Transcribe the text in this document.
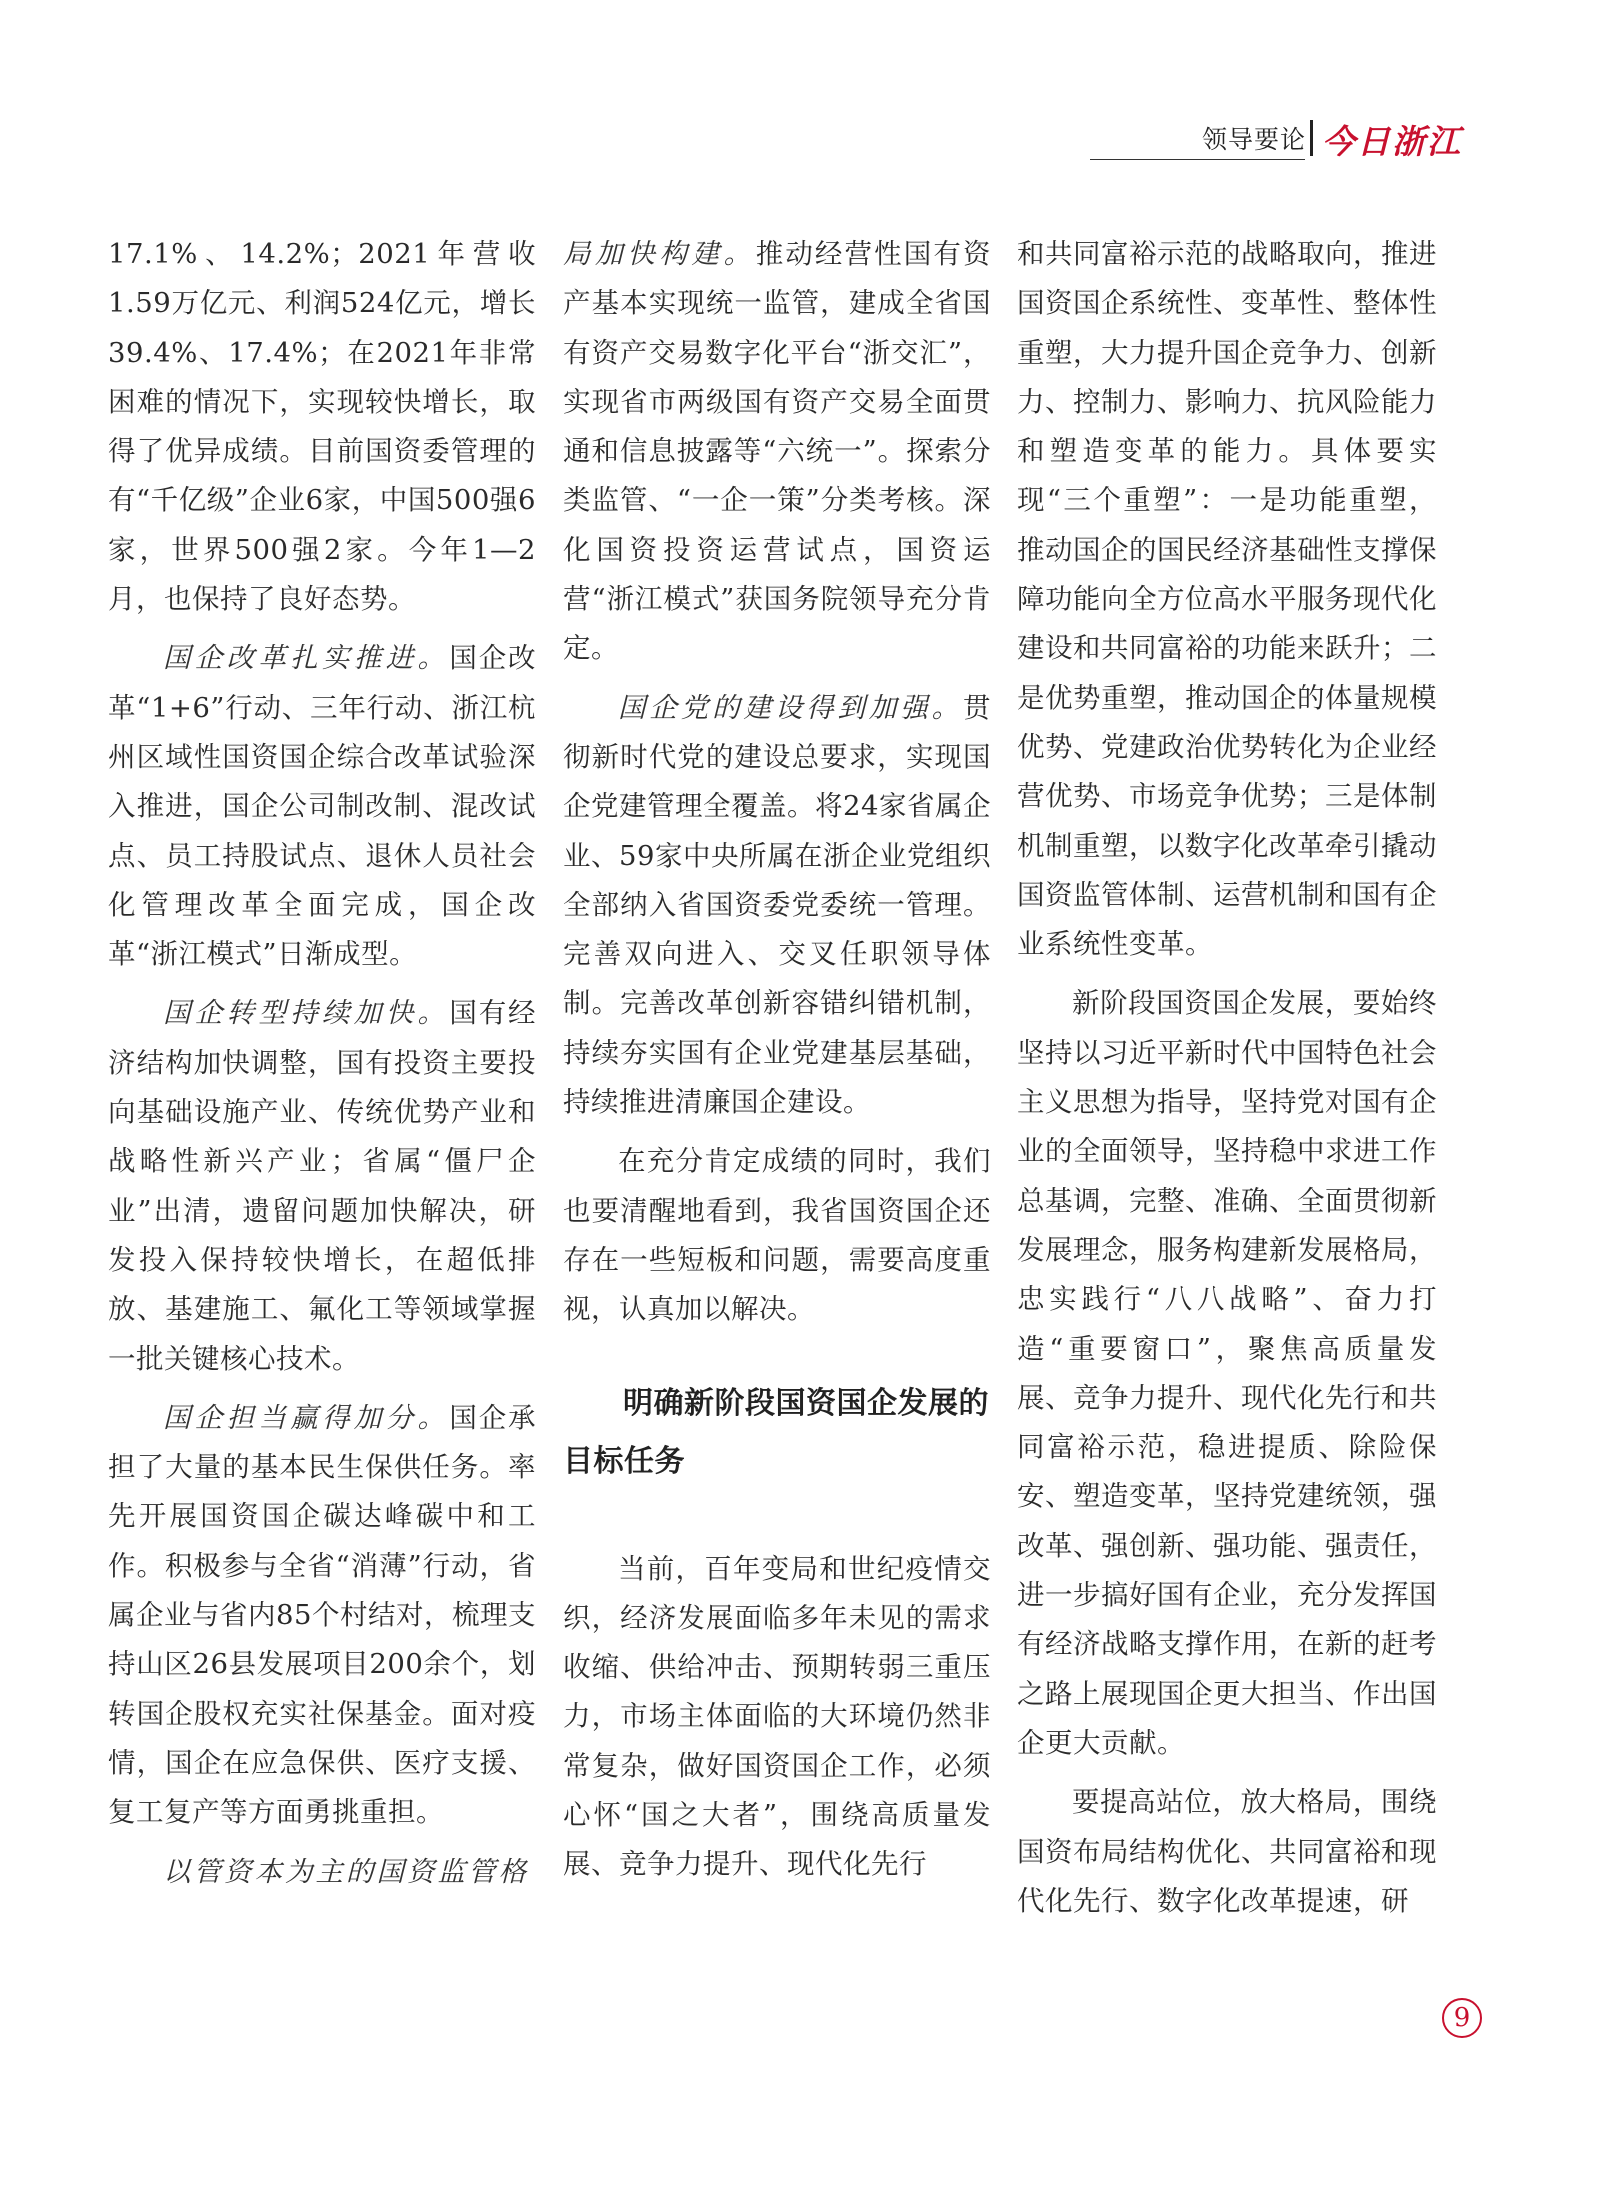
领导要论 今日浙江

17.1%、14.2%；2021年营收1.59万亿元、利润524亿元，增长39.4%、17.4%；在2021年非常困难的情况下，实现较快增长，取得了优异成绩。目前国资委管理的有“千亿级”企业6家，中国500强6家，世界500强2家。今年1—2月，也保持了良好态势。

国企改革扎实推进。国企改革“1+6”行动、三年行动、浙江杭州区域性国资国企综合改革试验深入推进，国企公司制改制、混改试点、员工持股试点、退休人员社会化管理改革全面完成，国企改革“浙江模式”日渐成型。

国企转型持续加快。国有经济结构加快调整，国有投资主要投向基础设施产业、传统优势产业和战略性新兴产业；省属“僵尸企业”出清，遗留问题加快解决，研发投入保持较快增长，在超低排放、基建施工、氟化工等领域掌握一批关键核心技术。

国企担当赢得加分。国企承担了大量的基本民生保供任务。率先开展国资国企碳达峰碳中和工作。积极参与全省“消薄”行动，省属企业与省内85个村结对，梳理支持山区26县发展项目200余个，划转国企股权充实社保基金。面对疫情，国企在应急保供、医疗支援、复工复产等方面勇挑重担。

以管资本为主的国资监管格

局加快构建。推动经营性国有资产基本实现统一监管，建成全省国有资产交易数字化平台“浙交汇”，实现省市两级国有资产交易全面贯通和信息披露等“六统一”。探索分类监管、“一企一策”分类考核。深化国资投资运营试点，国资运营“浙江模式”获国务院领导充分肯定。

国企党的建设得到加强。贯彻新时代党的建设总要求，实现国企党建管理全覆盖。将24家省属企业、59家中央所属在浙企业党组织全部纳入省国资委党委统一管理。完善双向进入、交叉任职领导体制。完善改革创新容错纠错机制，持续夯实国有企业党建基层基础，持续推进清廉国企建设。

在充分肯定成绩的同时，我们也要清醒地看到，我省国资国企还存在一些短板和问题，需要高度重视，认真加以解决。

明确新阶段国资国企发展的目标任务

当前，百年变局和世纪疫情交织，经济发展面临多年未见的需求收缩、供给冲击、预期转弱三重压力，市场主体面临的大环境仍然非常复杂，做好国资国企工作，必须心怀“国之大者”，围绕高质量发展、竞争力提升、现代化先行

和共同富裕示范的战略取向，推进国资国企系统性、变革性、整体性重塑，大力提升国企竞争力、创新力、控制力、影响力、抗风险能力和塑造变革的能力。具体要实现“三个重塑”：一是功能重塑，推动国企的国民经济基础性支撑保障功能向全方位高水平服务现代化建设和共同富裕的功能来跃升；二是优势重塑，推动国企的体量规模优势、党建政治优势转化为企业经营优势、市场竞争优势；三是体制机制重塑，以数字化改革牵引撬动国资监管体制、运营机制和国有企业系统性变革。

新阶段国资国企发展，要始终坚持以习近平新时代中国特色社会主义思想为指导，坚持党对国有企业的全面领导，坚持稳中求进工作总基调，完整、准确、全面贯彻新发展理念，服务构建新发展格局，忠实践行“八八战略”、奋力打造“重要窗口”，聚焦高质量发展、竞争力提升、现代化先行和共同富裕示范，稳进提质、除险保安、塑造变革，坚持党建统领，强改革、强创新、强功能、强责任，进一步搞好国有企业，充分发挥国有经济战略支撑作用，在新的赶考之路上展现国企更大担当、作出国企更大贡献。

要提高站位，放大格局，围绕国资布局结构优化、共同富裕和现代化先行、数字化改革提速，研

9
